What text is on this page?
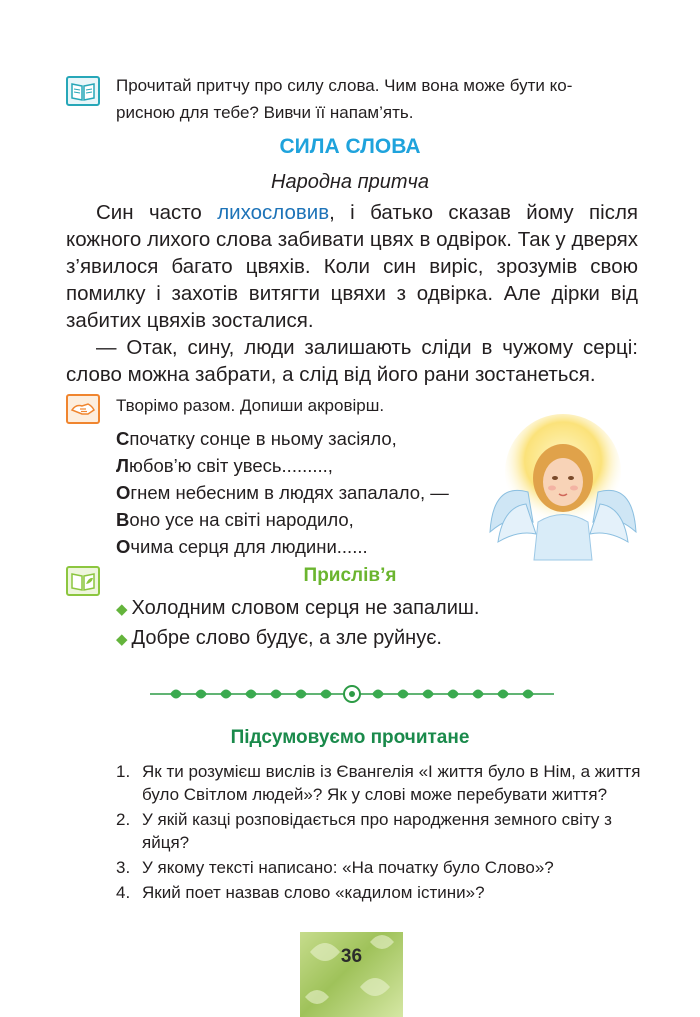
Прочитай притчу про силу слова. Чим вона може бути ко-
рисною для тебе? Вивчи її напам’ять.
СИЛА СЛОВА
Народна притча

Син часто лихословив, і батько сказав йому після кожного лихого слова забивати цвях в одвірок. Так у дверях з’явилося багато цвяхів. Коли син виріс, зрозумів свою помилку і захотів витягти цвяхи з одвірка. Але дірки від забитих цвяхів зосталися.

— Отак, сину, люди залишають сліди в чужому серці: слово можна забрати, а слід від його рани зостанеться.

Творімо разом. Допиши акровірш.
Спочатку сонце в ньому засіяло,
Любов’ю світ увесь.........,
Огнем небесним в людях запалало, —
Воно усе на світі народило,
Очима серця для людини......
Прислів’я
◆ Холодним словом серця не запалиш.
◆ Добре слово будує, а зле руйнує.
Підсумовуємо прочитане
1. Як ти розумієш вислів із Євангелія «І життя було в Нім, а життя було Світлом людей»? Як у слові може перебувати життя?
2. У якій казці розповідається про народження земного світу з яйця?
3. У якому тексті написано: «На початку було Слово»?
4. Який поет назвав слово «кадилом істини»?
36
